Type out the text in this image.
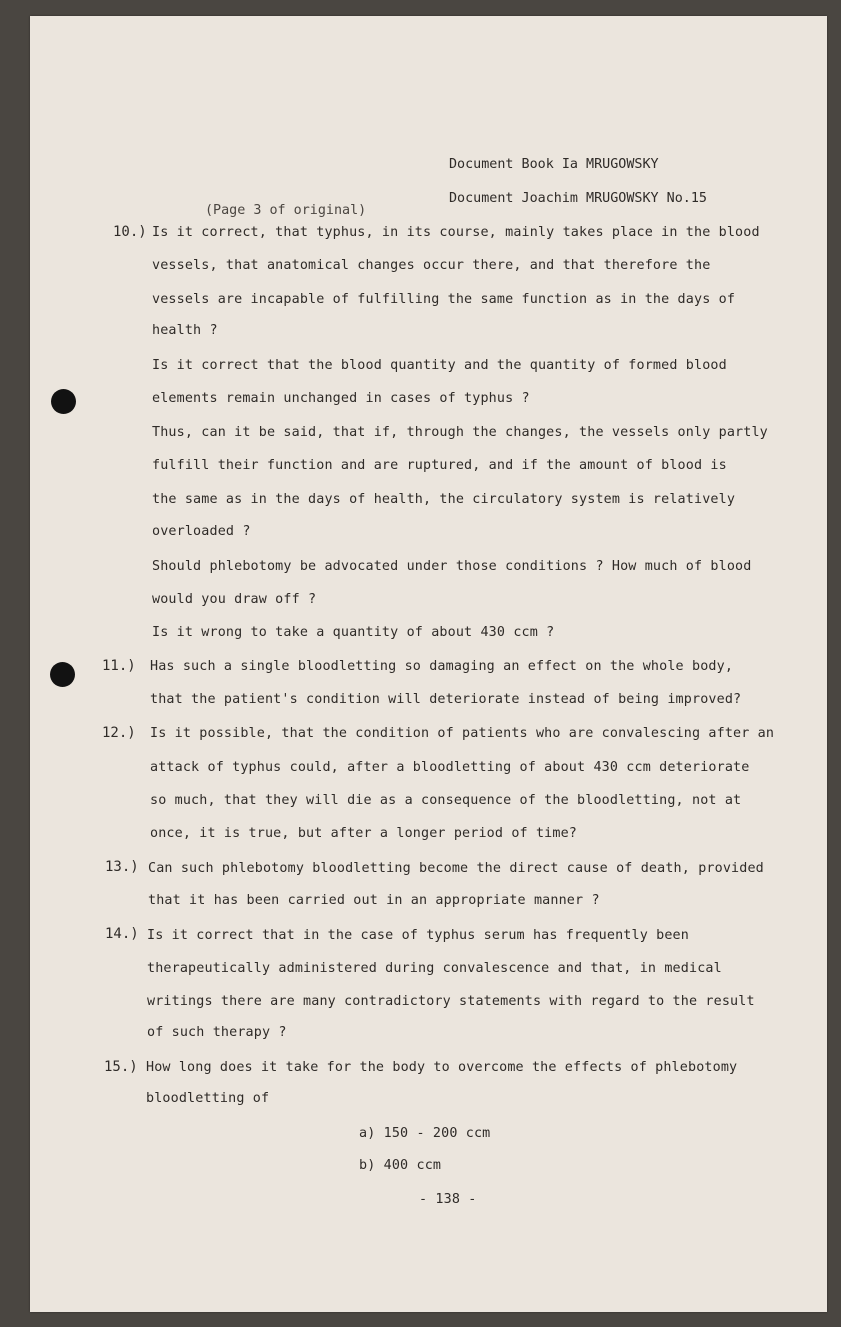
Document Book Ia MRUGOWSKY
Document Joachim MRUGOWSKY No.15
(Page 3 of original)
10.) Is it correct, that typhus, in its course, mainly takes place in the blood
vessels, that anatomical changes occur there, and that therefore the
vessels are incapable of fulfilling the same function as in the days of
health ?
Is it correct that the blood quantity and the quantity of formed blood
elements remain unchanged in cases of typhus ?
Thus, can it be said, that if, through the changes, the vessels only partly
fulfill their function and are ruptured, and if the amount of blood is
the same as in the days of health, the circulatory system is relatively
overloaded ?
Should phlebotomy be advocated under those conditions ? How much of blood
would you draw off ?
Is it wrong to take a quantity of about 430 ccm ?
11.) Has such a single bloodletting so damaging an effect on the whole body,
that the patient's condition will deteriorate instead of being improved?
12.) Is it possible, that the condition of patients who are convalescing after an
attack of typhus could, after a bloodletting of about 430 ccm deteriorate
so much, that they will die as a consequence of the bloodletting, not at
once, it is true, but after a longer period of time?
13.) Can such phlebotomy bloodletting become the direct cause of death, provided
that it has been carried out in an appropriate manner ?
14.) Is it correct that in the case of typhus serum has frequently been
therapeutically administered during convalescence and that, in medical
writings there are many contradictory statements with regard to the result
of such therapy ?
15.) How long does it take for the body to overcome the effects of phlebotomy
bloodletting of
a) 150 - 200 ccm
b) 400 ccm
- 138 -
